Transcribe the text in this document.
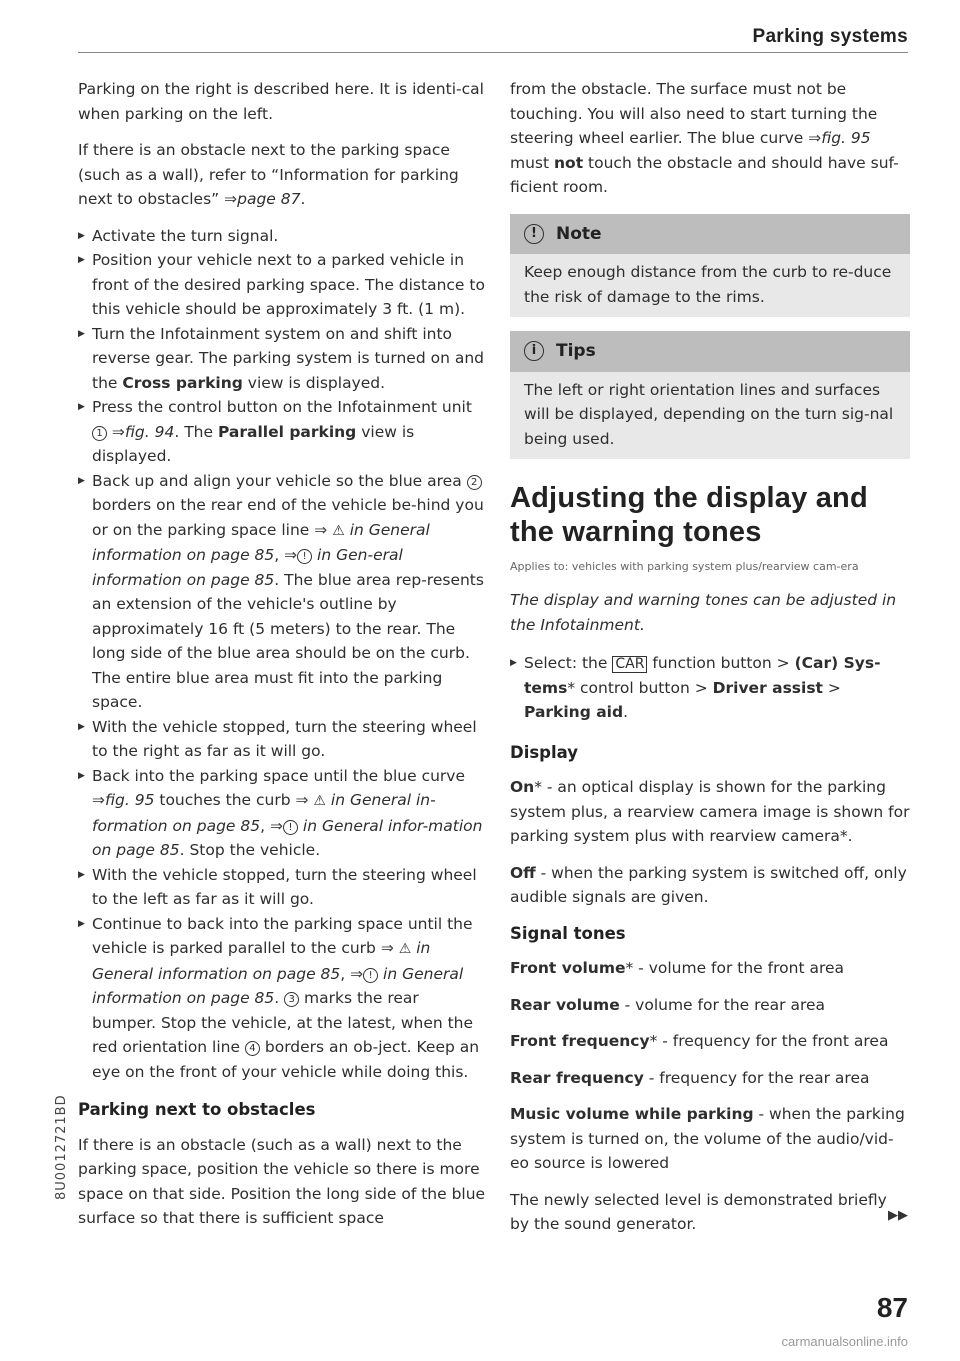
Parking systems

Parking on the right is described here. It is identi-cal when parking on the left.

If there is an obstacle next to the parking space (such as a wall), refer to “Information for parking next to obstacles” ⇒page 87.

▶ Activate the turn signal.
▶ Position your vehicle next to a parked vehicle in front of the desired parking space. The distance to this vehicle should be approximately 3 ft. (1 m).
▶ Turn the Infotainment system on and shift into reverse gear. The parking system is turned on and the Cross parking view is displayed.
▶ Press the control button on the Infotainment unit 1 ⇒fig. 94. The Parallel parking view is displayed.
▶ Back up and align your vehicle so the blue area 2 borders on the rear end of the vehicle be-hind you or on the parking space line ⇒ ⚠ in General information on page 85, ⇒ ! in Gen-eral information on page 85. The blue area rep-resents an extension of the vehicle's outline by approximately 16 ft (5 meters) to the rear. The long side of the blue area should be on the curb. The entire blue area must fit into the parking space.
▶ With the vehicle stopped, turn the steering wheel to the right as far as it will go.
▶ Back into the parking space until the blue curve ⇒fig. 95 touches the curb ⇒ ⚠ in General in-formation on page 85, ⇒ ! in General infor-mation on page 85. Stop the vehicle.
▶ With the vehicle stopped, turn the steering wheel to the left as far as it will go.
▶ Continue to back into the parking space until the vehicle is parked parallel to the curb ⇒ ⚠ in General information on page 85, ⇒ ! in General information on page 85. 3 marks the rear bumper. Stop the vehicle, at the latest, when the red orientation line 4 borders an ob-ject. Keep an eye on the front of your vehicle while doing this.
Parking next to obstacles

If there is an obstacle (such as a wall) next to the parking space, position the vehicle so there is more space on that side. Position the long side of the blue surface so that there is sufficient space

from the obstacle. The surface must not be touching. You will also need to start turning the steering wheel earlier. The blue curve ⇒fig. 95 must not touch the obstacle and should have suf-ficient room.

!	Note
Keep enough distance from the curb to re-duce the risk of damage to the rims.
i	Tips
The left or right orientation lines and surfaces will be displayed, depending on the turn sig-nal being used.
Adjusting the display and the warning tones
Applies to: vehicles with parking system plus/rearview cam-era

The display and warning tones can be adjusted in the Infotainment.

▶ Select: the CAR function button > (Car) Sys-tems* control button > Driver assist > Parking aid.
Display

On* - an optical display is shown for the parking system plus, a rearview camera image is shown for parking system plus with rearview camera*.

Off - when the parking system is switched off, only audible signals are given.

Signal tones

Front volume* - volume for the front area

Rear volume - volume for the rear area

Front frequency* - frequency for the front area

Rear frequency - frequency for the rear area

Music volume while parking - when the parking system is turned on, the volume of the audio/vid-eo source is lowered

The newly selected level is demonstrated briefly by the sound generator.	▶▶
8U0012721BD
87
carmanualsonline.info
